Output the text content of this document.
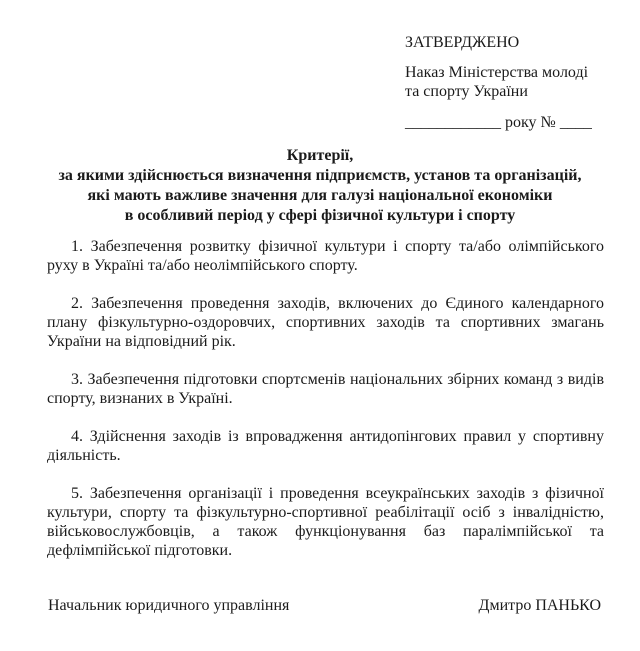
ЗАТВЕРДЖЕНО
Наказ Міністерства молоді
та спорту України
____________ року № ____
Критерії,
за якими здійснюється визначення підприємств, установ та організацій,
які мають важливе значення для галузі національної економіки
в особливий період у сфері фізичної культури і спорту

1. Забезпечення розвитку фізичної культури і спорту та/або олімпійського руху в Україні та/або неолімпійського спорту.

2. Забезпечення проведення заходів, включених до Єдиного календарного плану фізкультурно-оздоровчих, спортивних заходів та спортивних змагань України на відповідний рік.

3. Забезпечення підготовки спортсменів національних збірних команд з видів спорту, визнаних в Україні.

4. Здійснення заходів із впровадження антидопінгових правил у спортивну діяльність.

5. Забезпечення організації і проведення всеукраїнських заходів з фізичної культури, спорту та фізкультурно-спортивної реабілітації осіб з інвалідністю, військовослужбовців, а також функціонування баз паралімпійської та дефлімпійської підготовки.

Начальник юридичного управління	Дмитро ПАНЬКО
